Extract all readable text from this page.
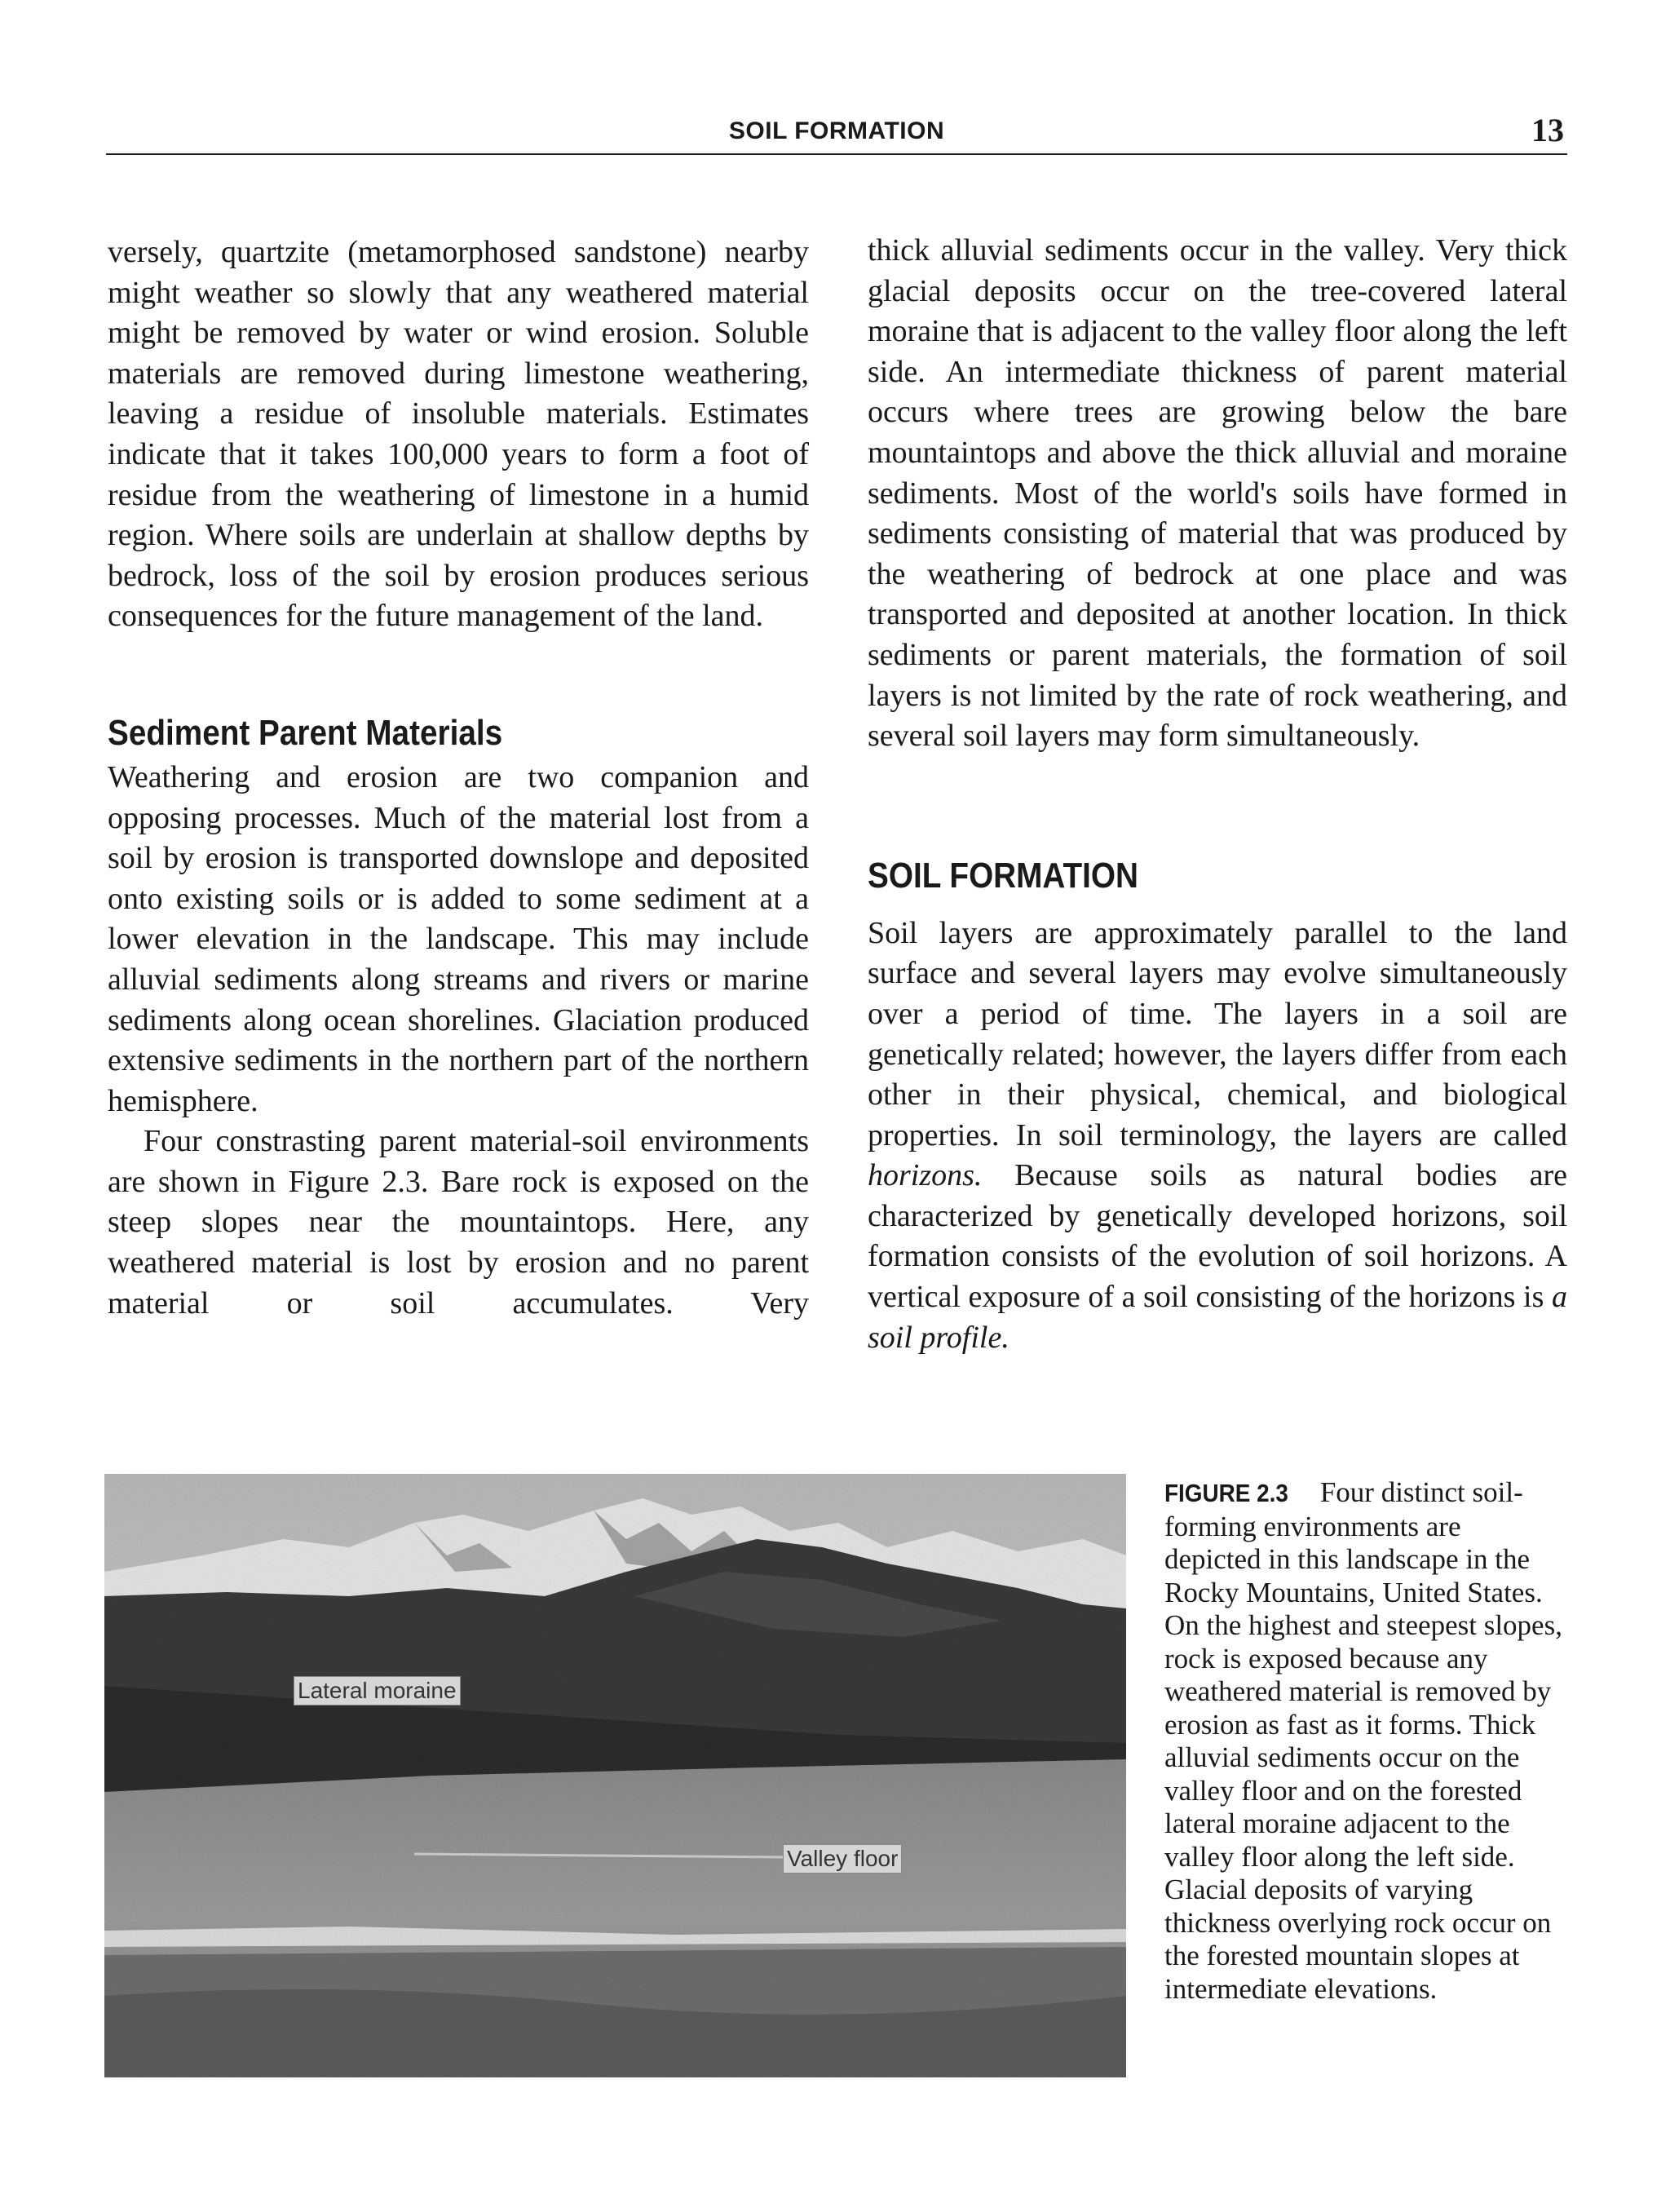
SOIL FORMATION	13

versely, quartzite (metamorphosed sandstone) nearby might weather so slowly that any weathered material might be removed by water or wind erosion. Soluble materials are removed during limestone weathering, leaving a residue of insoluble materials. Estimates indicate that it takes 100,000 years to form a foot of residue from the weathering of limestone in a humid region. Where soils are underlain at shallow depths by bedrock, loss of the soil by erosion produces serious consequences for the future management of the land.

Sediment Parent Materials

Weathering and erosion are two companion and opposing processes. Much of the material lost from a soil by erosion is transported downslope and deposited onto existing soils or is added to some sediment at a lower elevation in the landscape. This may include alluvial sediments along streams and rivers or marine sediments along ocean shorelines. Glaciation produced extensive sediments in the northern part of the northern hemisphere.

Four constrasting parent material-soil environments are shown in Figure 2.3. Bare rock is exposed on the steep slopes near the mountaintops. Here, any weathered material is lost by erosion and no parent material or soil accumulates. Very

thick alluvial sediments occur in the valley. Very thick glacial deposits occur on the tree-covered lateral moraine that is adjacent to the valley floor along the left side. An intermediate thickness of parent material occurs where trees are growing below the bare mountaintops and above the thick alluvial and moraine sediments. Most of the world's soils have formed in sediments consisting of material that was produced by the weathering of bedrock at one place and was transported and deposited at another location. In thick sediments or parent materials, the formation of soil layers is not limited by the rate of rock weathering, and several soil layers may form simultaneously.

SOIL FORMATION

Soil layers are approximately parallel to the land surface and several layers may evolve simultaneously over a period of time. The layers in a soil are genetically related; however, the layers differ from each other in their physical, chemical, and biological properties. In soil terminology, the layers are called horizons. Because soils as natural bodies are characterized by genetically developed horizons, soil formation consists of the evolution of soil horizons. A vertical exposure of a soil consisting of the horizons is a soil profile.

Lateral moraine
Valley floor
FIGURE 2.3 Four distinct soil-forming environments are depicted in this landscape in the Rocky Mountains, United States. On the highest and steepest slopes, rock is exposed because any weathered material is removed by erosion as fast as it forms. Thick alluvial sediments occur on the valley floor and on the forested lateral moraine adjacent to the valley floor along the left side. Glacial deposits of varying thickness overlying rock occur on the forested mountain slopes at intermediate elevations.
